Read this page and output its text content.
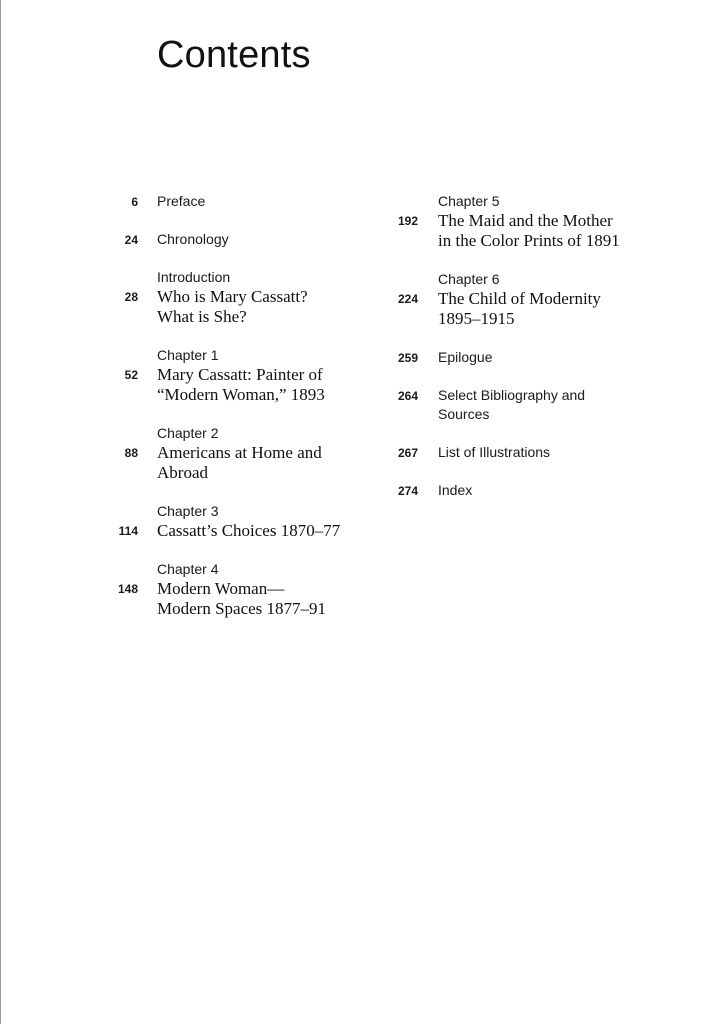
Contents
6 Preface
24 Chronology
28
Introduction
Who is Mary Cassatt?
What is She?
52
Chapter 1
Mary Cassatt: Painter of
“Modern Woman,” 1893
88
Chapter 2
Americans at Home and
Abroad
114
Chapter 3
Cassatt’s Choices 1870–77
148
Chapter 4
Modern Woman—
Modern Spaces 1877–91
192
Chapter 5
The Maid and the Mother
in the Color Prints of 1891
224
Chapter 6
The Child of Modernity
1895–1915
259 Epilogue
264 Select Bibliography and
Sources
267 List of Illustrations
274 Index
